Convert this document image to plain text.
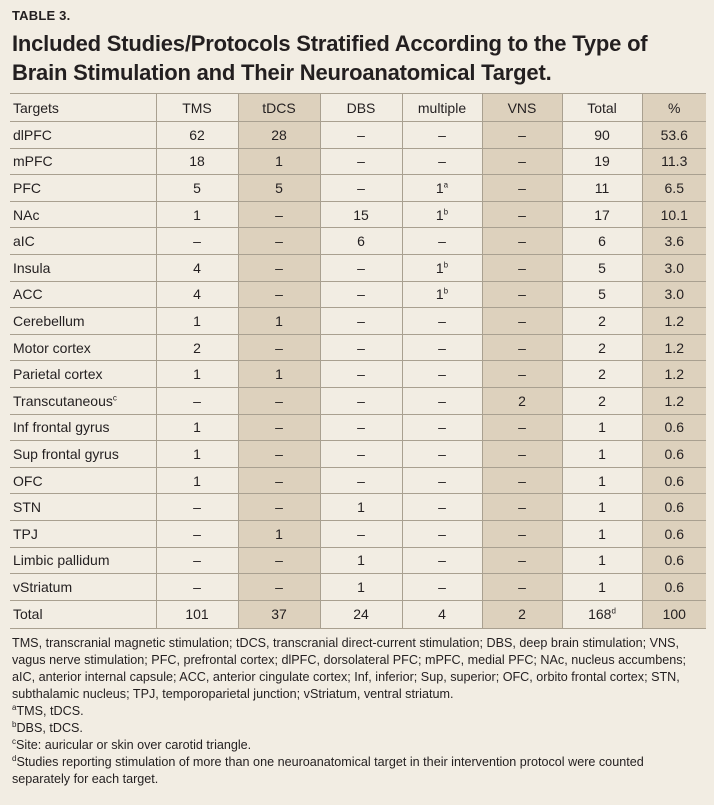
TABLE 3.
Included Studies/Protocols Stratified According to the Type of
Brain Stimulation and Their Neuroanatomical Target.
Targets	TMS	tDCS	DBS	multiple	VNS	Total	%
dlPFC	62	28	–	–	–	90	53.6
mPFC	18	1	–	–	–	19	11.3
PFC	5	5	–	1$^a$	–	11	6.5
NAc	1	–	15	1$^b$	–	17	10.1
aIC	–	–	6	–	–	6	3.6
Insula	4	–	–	1$^b$	–	5	3.0
ACC	4	–	–	1$^b$	–	5	3.0
Cerebellum	1	1	–	–	–	2	1.2
Motor cortex	2	–	–	–	–	2	1.2
Parietal cortex	1	1	–	–	–	2	1.2
Transcutaneous$^c$	–	–	–	–	2	2	1.2
Inf frontal gyrus	1	–	–	–	–	1	0.6
Sup frontal gyrus	1	–	–	–	–	1	0.6
OFC	1	–	–	–	–	1	0.6
STN	–	–	1	–	–	1	0.6
TPJ	–	1	–	–	–	1	0.6
Limbic pallidum	–	–	1	–	–	1	0.6
vStriatum	–	–	1	–	–	1	0.6
Total	101	37	24	4	2	168$^d$	100

TMS, transcranial magnetic stimulation; tDCS, transcranial direct-current stimulation; DBS, deep brain stimulation; VNS, vagus nerve stimulation; PFC, prefrontal cortex; dlPFC, dorsolateral PFC; mPFC, medial PFC; NAc, nucleus accumbens; aIC, anterior internal capsule; ACC, anterior cingulate cortex; Inf, inferior; Sup, superior; OFC, orbito frontal cortex; STN, subthalamic nucleus; TPJ, temporoparietal junction; vStriatum, ventral striatum.

$^a$TMS, tDCS.

$^b$DBS, tDCS.

$^c$Site: auricular or skin over carotid triangle.

$^d$Studies reporting stimulation of more than one neuroanatomical target in their intervention protocol were counted separately for each target.
